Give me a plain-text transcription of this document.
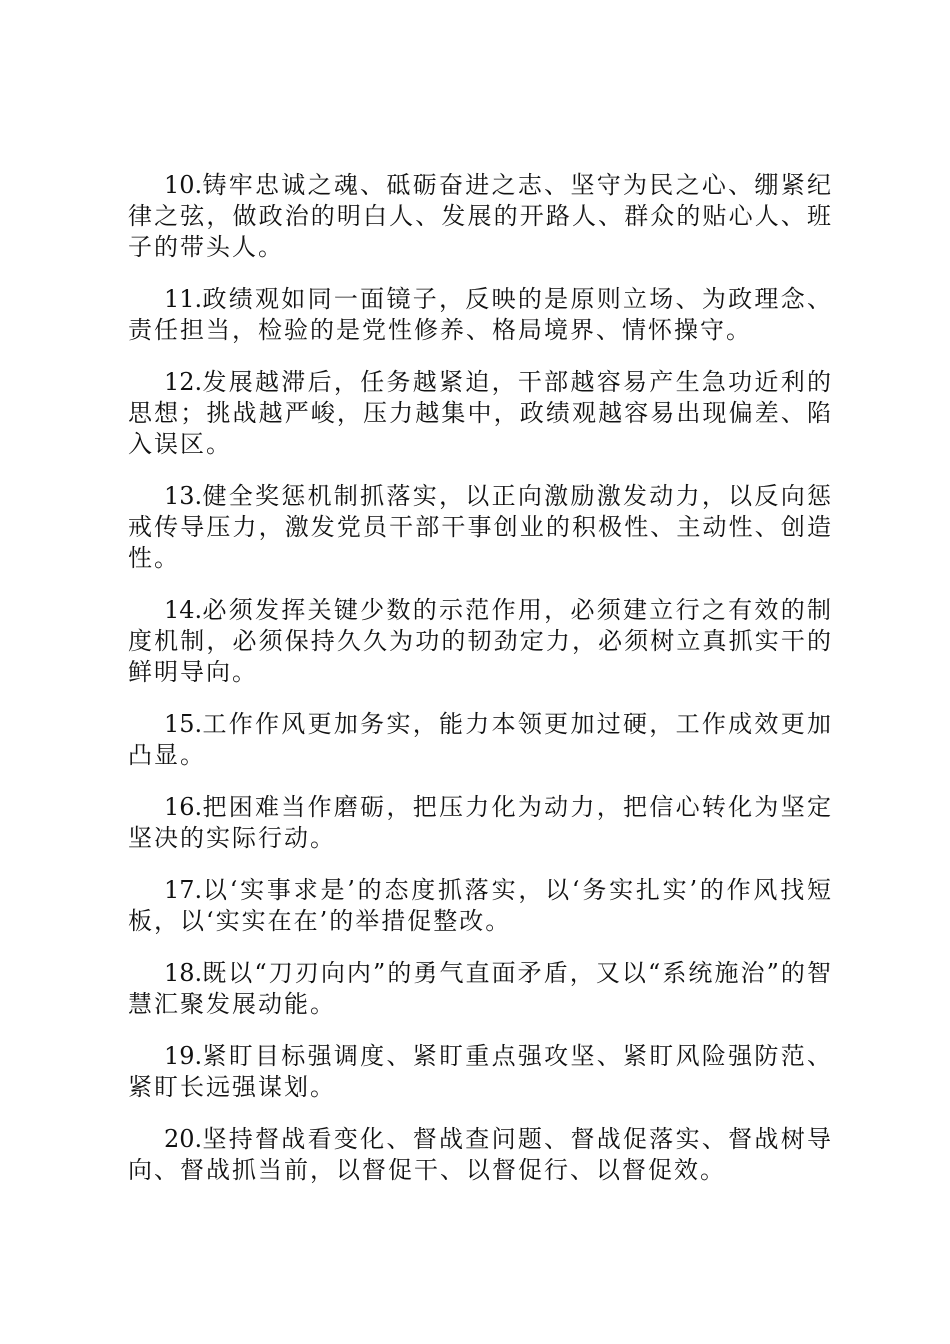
10.铸牢忠诚之魂、砥砺奋进之志、坚守为民之心、绷紧纪律之弦，做政治的明白人、发展的开路人、群众的贴心人、班子的带头人。

11.政绩观如同一面镜子，反映的是原则立场、为政理念、责任担当，检验的是党性修养、格局境界、情怀操守。

12.发展越滞后，任务越紧迫，干部越容易产生急功近利的思想；挑战越严峻，压力越集中，政绩观越容易出现偏差、陷入误区。

13.健全奖惩机制抓落实，以正向激励激发动力，以反向惩戒传导压力，激发党员干部干事创业的积极性、主动性、创造性。

14.必须发挥关键少数的示范作用，必须建立行之有效的制度机制，必须保持久久为功的韧劲定力，必须树立真抓实干的鲜明导向。

15.工作作风更加务实，能力本领更加过硬，工作成效更加凸显。

16.把困难当作磨砺，把压力化为动力，把信心转化为坚定坚决的实际行动。

17.以‘实事求是’的态度抓落实，以‘务实扎实’的作风找短板，以‘实实在在’的举措促整改。

18.既以“刀刃向内”的勇气直面矛盾，又以“系统施治”的智慧汇聚发展动能。

19.紧盯目标强调度、紧盯重点强攻坚、紧盯风险强防范、紧盯长远强谋划。

20.坚持督战看变化、督战查问题、督战促落实、督战树导向、督战抓当前，以督促干、以督促行、以督促效。
